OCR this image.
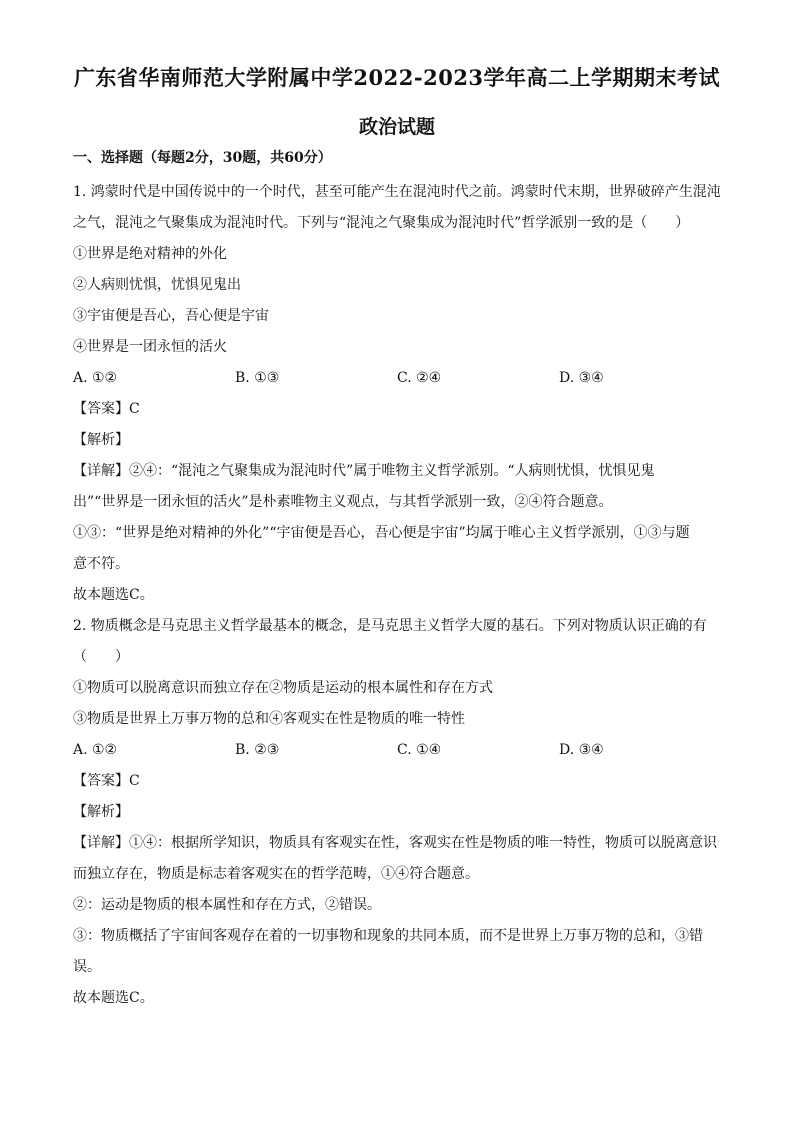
广东省华南师范大学附属中学2022-2023学年高二上学期期末考试
政治试题
一、选择题（每题2分，30题，共60分）

1. 鸿蒙时代是中国传说中的一个时代，甚至可能产生在混沌时代之前。鸿蒙时代末期，世界破碎产生混沌

之气，混沌之气聚集成为混沌时代。下列与“混沌之气聚集成为混沌时代”哲学派别一致的是（　　）

①世界是绝对精神的外化

②人病则忧惧，忧惧见鬼出

③宇宙便是吾心，吾心便是宇宙

④世界是一团永恒的活火

A. ①②	B. ①③	C. ②④	D. ③④

【答案】C

【解析】

【详解】②④：“混沌之气聚集成为混沌时代”属于唯物主义哲学派别。“人病则忧惧，忧惧见鬼

出”“世界是一团永恒的活火”是朴素唯物主义观点，与其哲学派别一致，②④符合题意。

①③：“世界是绝对精神的外化”“宇宙便是吾心，吾心便是宇宙”均属于唯心主义哲学派别，①③与题

意不符。

故本题选C。

2. 物质概念是马克思主义哲学最基本的概念，是马克思主义哲学大厦的基石。下列对物质认识正确的有

（　　）

①物质可以脱离意识而独立存在②物质是运动的根本属性和存在方式

③物质是世界上万事万物的总和④客观实在性是物质的唯一特性

A. ①②	B. ②③	C. ①④	D. ③④

【答案】C

【解析】

【详解】①④：根据所学知识，物质具有客观实在性，客观实在性是物质的唯一特性，物质可以脱离意识

而独立存在，物质是标志着客观实在的哲学范畴，①④符合题意。

②：运动是物质的根本属性和存在方式，②错误。

③：物质概括了宇宙间客观存在着的一切事物和现象的共同本质，而不是世界上万事万物的总和，③错

误。

故本题选C。
